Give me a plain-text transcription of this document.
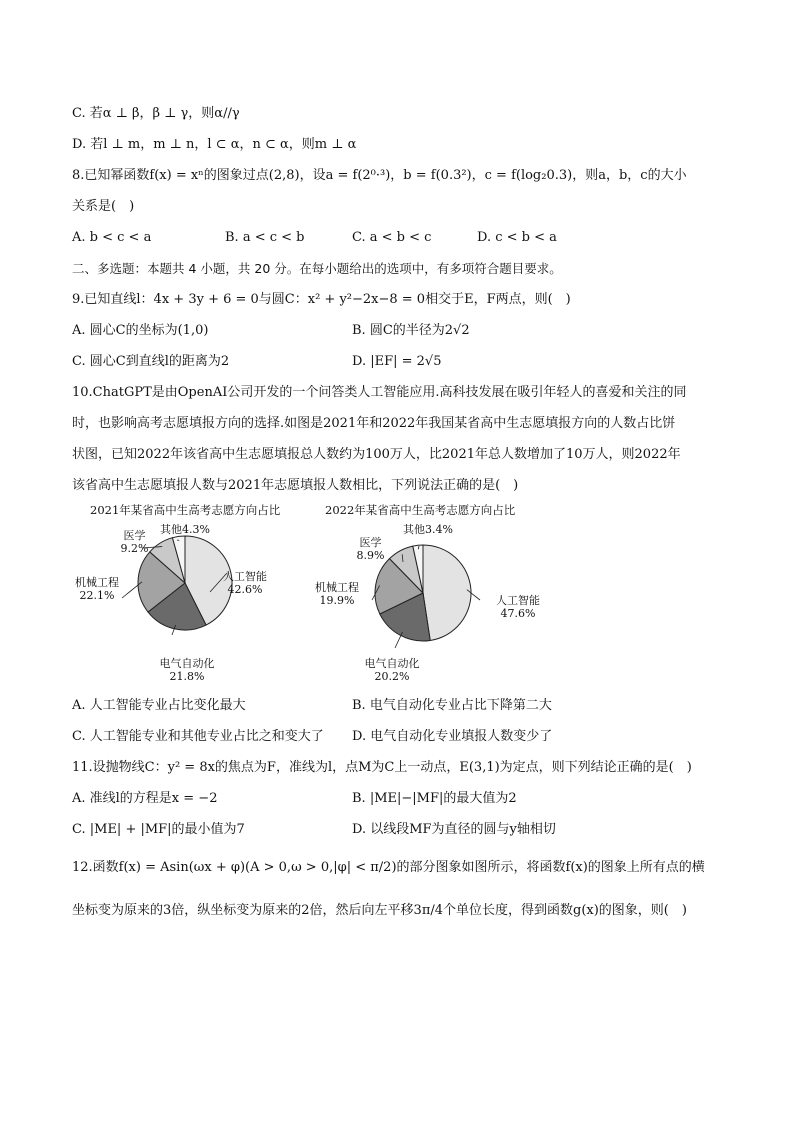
C. 若α ⊥ β，β ⊥ γ，则α//γ
D. 若l ⊥ m，m ⊥ n，l ⊂ α，n ⊂ α，则m ⊥ α
8.已知幂函数f(x) = xⁿ的图象过点(2,8)，设a = f(2⁰·³)，b = f(0.3²)，c = f(log₂0.3)，则a，b，c的大小
关系是(　)
A. b < c < a	B. a < c < b	C. a < b < c	D. c < b < a
二、多选题：本题共 4 小题，共 20 分。在每小题给出的选项中，有多项符合题目要求。
9.已知直线l：4x + 3y + 6 = 0与圆C：x² + y²−2x−8 = 0相交于E，F两点，则(　)
A. 圆心C的坐标为(1,0)	B. 圆C的半径为2√2
C. 圆心C到直线l的距离为2	D. |EF| = 2√5
10.ChatGPT是由OpenAI公司开发的一个问答类人工智能应用.高科技发展在吸引年轻人的喜爱和关注的同
时，也影响高考志愿填报方向的选择.如图是2021年和2022年我国某省高中生志愿填报方向的人数占比饼
状图，已知2022年该省高中生志愿填报总人数约为100万人，比2021年总人数增加了10万人，则2022年
该省高中生志愿填报人数与2021年志愿填报人数相比，下列说法正确的是(　)
2021年某省高中生高考志愿方向占比
人工智能
42.6%
电气自动化
21.8%
机械工程
22.1%
医学
9.2%
其他4.3%
2022年某省高中生高考志愿方向占比
人工智能
47.6%
电气自动化
20.2%
机械工程
19.9%
医学
8.9%
其他3.4%
A. 人工智能专业占比变化最大	B. 电气自动化专业占比下降第二大
C. 人工智能专业和其他专业占比之和变大了 D. 电气自动化专业填报人数变少了
11.设抛物线C：y² = 8x的焦点为F，准线为l，点M为C上一动点，E(3,1)为定点，则下列结论正确的是(　)
A. 准线l的方程是x = −2	B. |ME|−|MF|的最大值为2
C. |ME| + |MF|的最小值为7	D. 以线段MF为直径的圆与y轴相切
12.函数f(x) = Asin(ωx + φ)(A > 0,ω > 0,|φ| < π/2)的部分图象如图所示，将函数f(x)的图象上所有点的横
坐标变为原来的3倍，纵坐标变为原来的2倍，然后向左平移3π/4个单位长度，得到函数g(x)的图象，则(　)
